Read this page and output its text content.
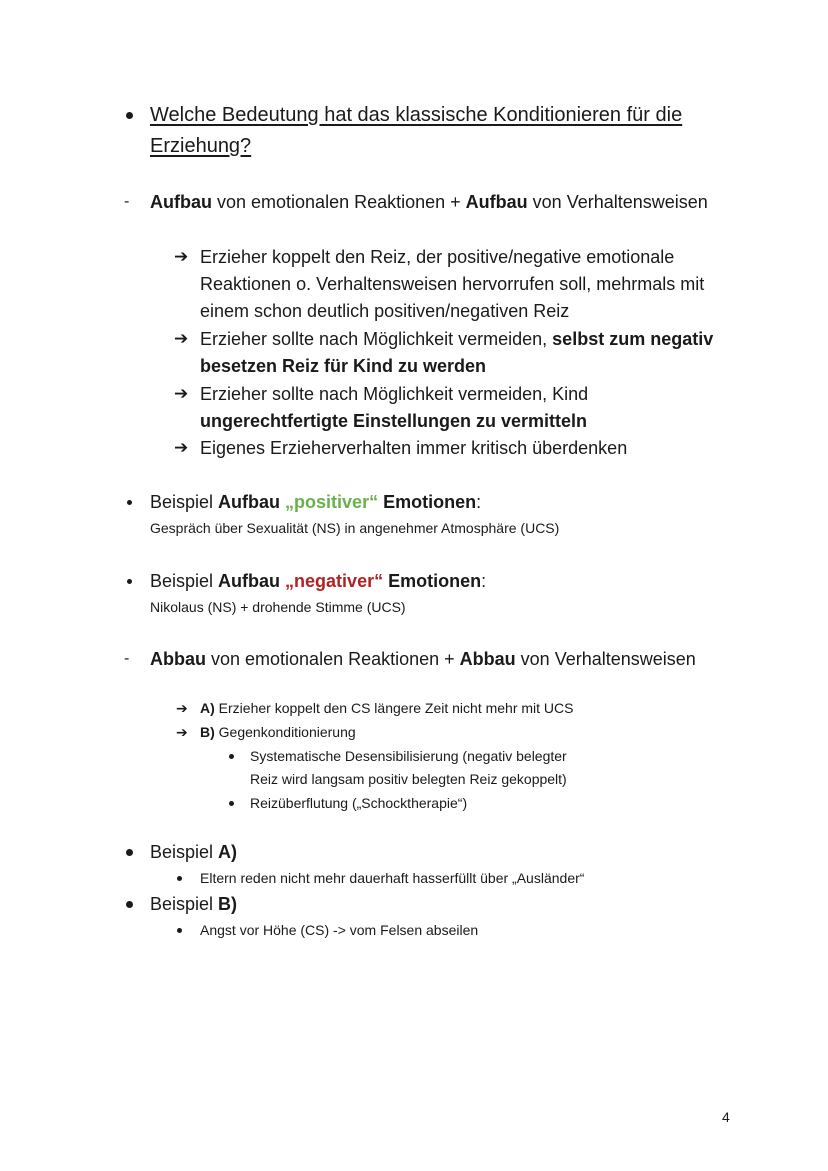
Welche Bedeutung hat das klassische Konditionieren für die
Erziehung?
- Aufbau von emotionalen Reaktionen + Aufbau von Verhaltensweisen
➔ Erzieher koppelt den Reiz, der positive/negative emotionale
Reaktionen o. Verhaltensweisen hervorrufen soll, mehrmals mit
einem schon deutlich positiven/negativen Reiz
➔ Erzieher sollte nach Möglichkeit vermeiden, selbst zum negativ
besetzen Reiz für Kind zu werden
➔ Erzieher sollte nach Möglichkeit vermeiden, Kind
ungerechtfertigte Einstellungen zu vermitteln
➔ Eigenes Erzieherverhalten immer kritisch überdenken
Beispiel Aufbau „positiver“ Emotionen:
Gespräch über Sexualität (NS) in angenehmer Atmosphäre (UCS)
Beispiel Aufbau „negativer“ Emotionen:
Nikolaus (NS) + drohende Stimme (UCS)
- Abbau von emotionalen Reaktionen + Abbau von Verhaltensweisen
➔ A) Erzieher koppelt den CS längere Zeit nicht mehr mit UCS
➔ B) Gegenkonditionierung
Systematische Desensibilisierung (negativ belegter
Reiz wird langsam positiv belegten Reiz gekoppelt)
Reizüberflutung („Schocktherapie“)
Beispiel A)
Eltern reden nicht mehr dauerhaft hasserfüllt über „Ausländer“
Beispiel B)
Angst vor Höhe (CS) -> vom Felsen abseilen
4
